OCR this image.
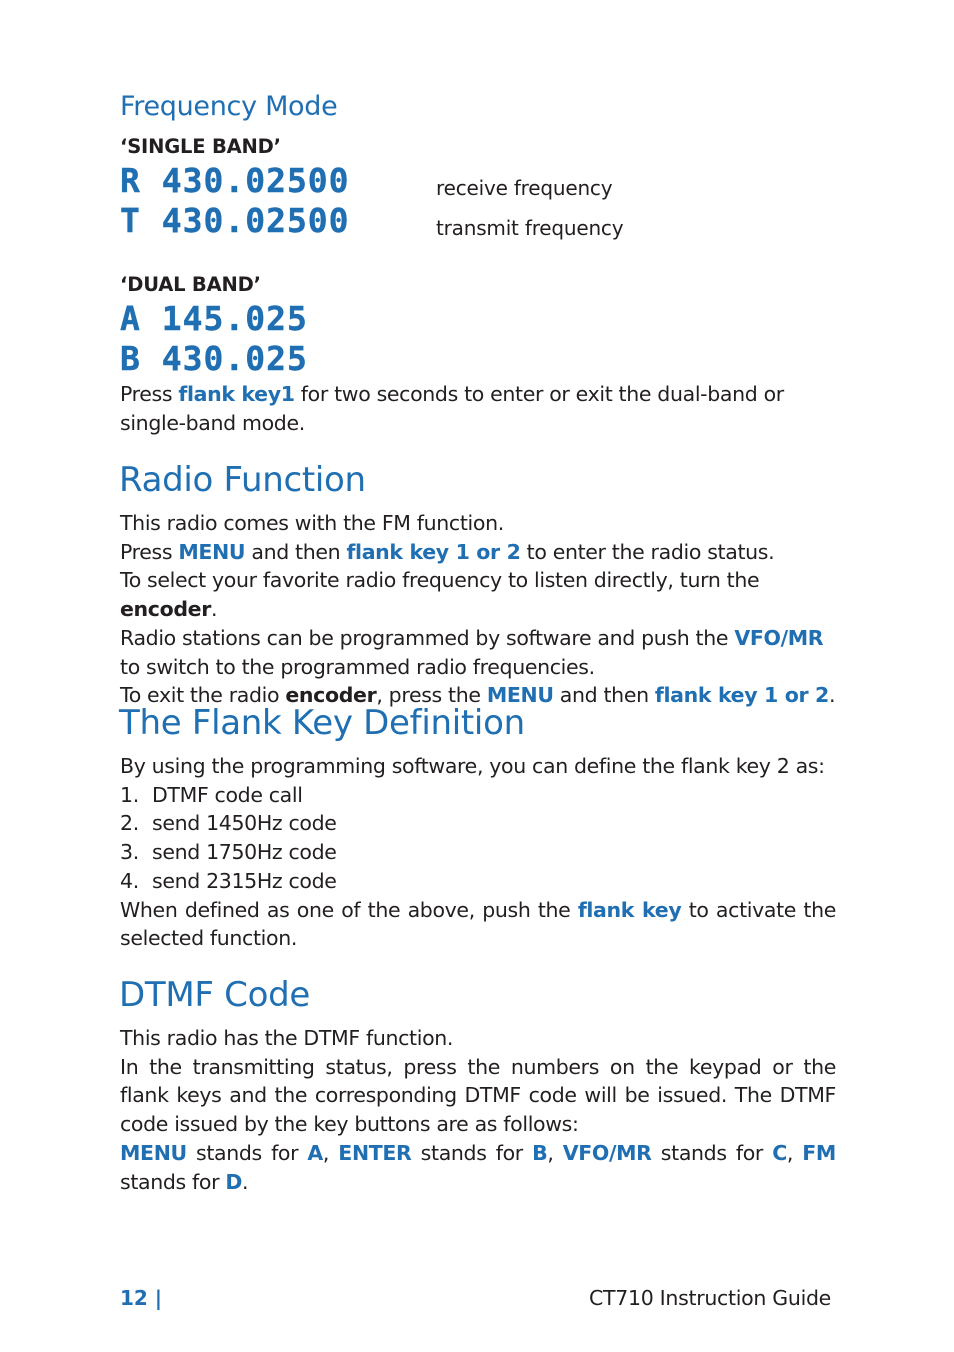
Frequency Mode
‘SINGLE BAND’
R 430.02500
T 430.02500
receive frequency
transmit frequency
‘DUAL BAND’
A 145.025
B 430.025

Press flank key1 for two seconds to enter or exit the dual-band or single-band mode.

Radio Function

This radio comes with the FM function.

Press MENU and then flank key 1 or 2 to enter the radio status.

To select your favorite radio frequency to listen directly, turn the encoder.

Radio stations can be programmed by software and push the VFO/MR to switch to the programmed radio frequencies.

To exit the radio encoder, press the MENU and then flank key 1 or 2.

The Flank Key Definition

By using the programming software, you can define the flank key 2 as:

1. DTMF code call
2. send 1450Hz code
3. send 1750Hz code
4. send 2315Hz code

When defined as one of the above, push the flank key to activate the selected function.

DTMF Code

This radio has the DTMF function.

In the transmitting status, press the numbers on the keypad or the flank keys and the corresponding DTMF code will be issued. The DTMF code issued by the key buttons are as follows:

MENU stands for A, ENTER stands for B, VFO/MR stands for C, FM stands for D.

12 |	CT710 Instruction Guide
